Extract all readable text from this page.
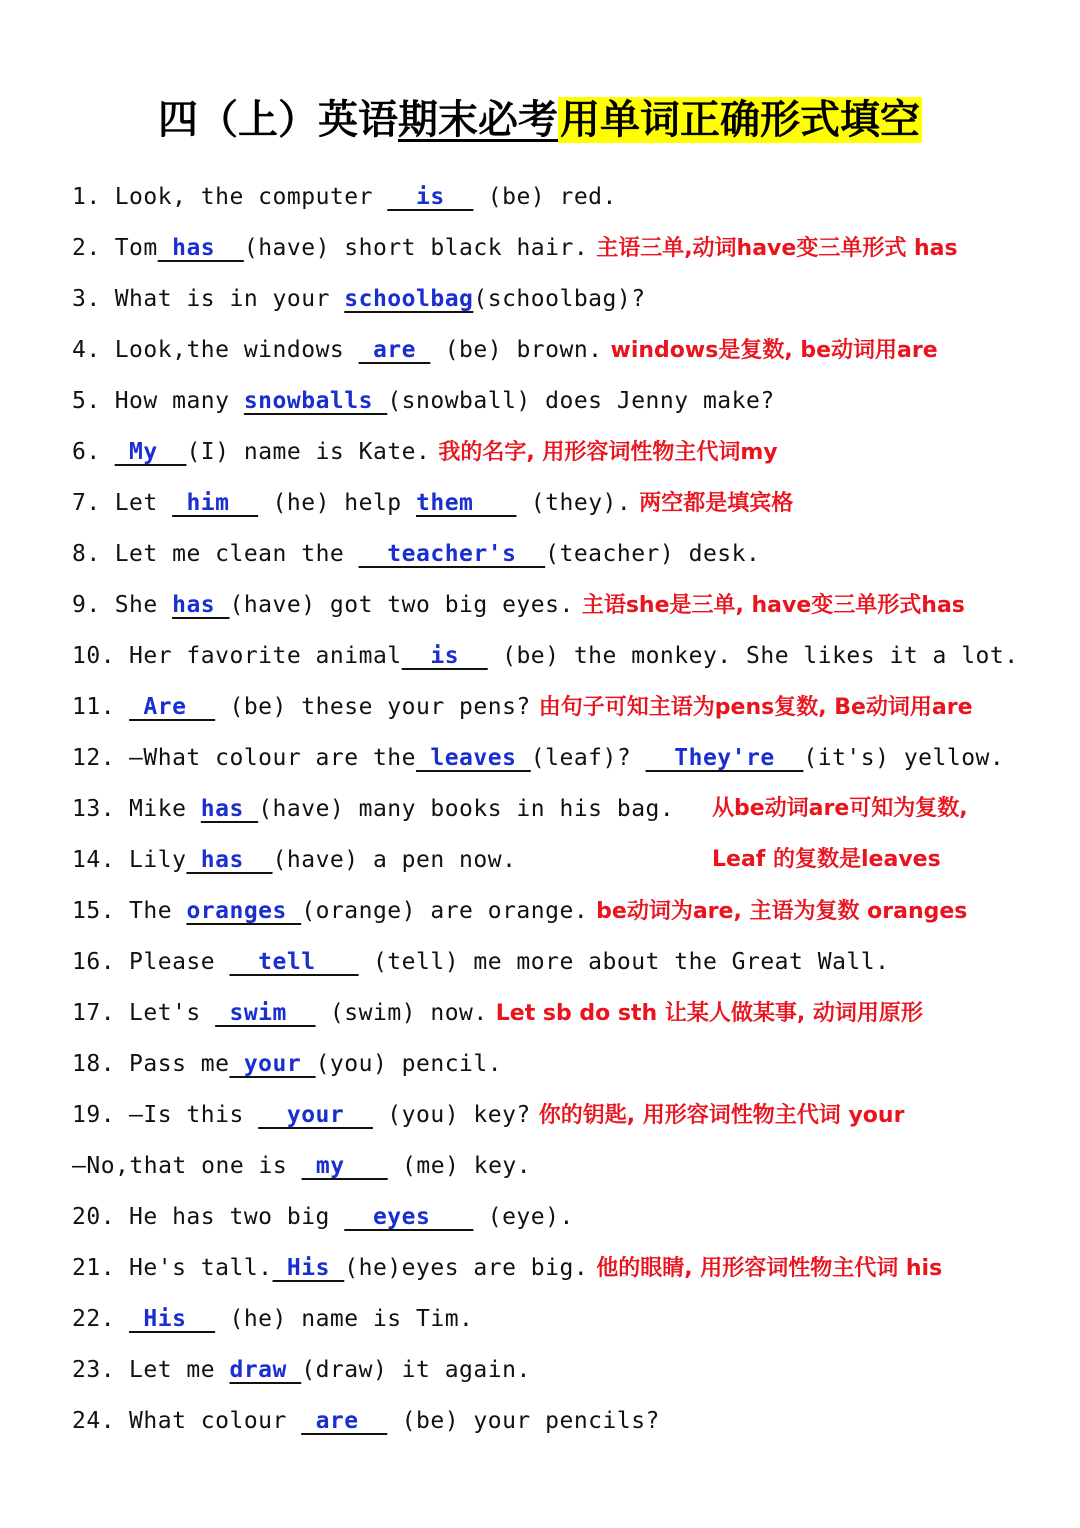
四（上）英语期末必考用单词正确形式填空
1. Look, the computer   is   (be) red.
2. Tom has  (have) short black hair. 主语三单,动词have变三单形式 has
3. What is in your schoolbag(schoolbag)?
4. Look,the windows  are  (be) brown. windows是复数, be动词用are
5. How many snowballs (snowball) does Jenny make?
6. My  (I) name is Kate. 我的名字, 用形容词性物主代词my
7. Let  him   (he) help them    (they). 两空都是填宾格
8. Let me clean the   teacher's  (teacher) desk.
9. She has (have) got two big eyes. 主语she是三单, have变三单形式has
10. Her favorite animal  is   (be) the monkey. She likes it a lot.
11. Are   (be) these your pens? 由句子可知主语为pens复数, Be动词用are
12. —What colour are the leaves (leaf)?   They're  (it's) yellow.
13. Mike has (have) many books in his bag.
14. Lily has  (have) a pen now.
15. The oranges (orange) are orange. be动词为are, 主语为复数 oranges
16. Please   tell    (tell) me more about the Great Wall.
17. Let's  swim   (swim) now. Let sb do sth 让某人做某事, 动词用原形
18. Pass me your (you) pencil.
19. —Is this   your   (you) key? 你的钥匙, 用形容词性物主代词 your
—No,that one is  my    (me) key.
20. He has two big   eyes    (eye).
21. He's tall. His (he)eyes are big. 他的眼睛, 用形容词性物主代词 his
22. His   (he) name is Tim.
23. Let me draw (draw) it again.
24. What colour  are   (be) your pencils?
从be动词are可知为复数,
Leaf 的复数是leaves
